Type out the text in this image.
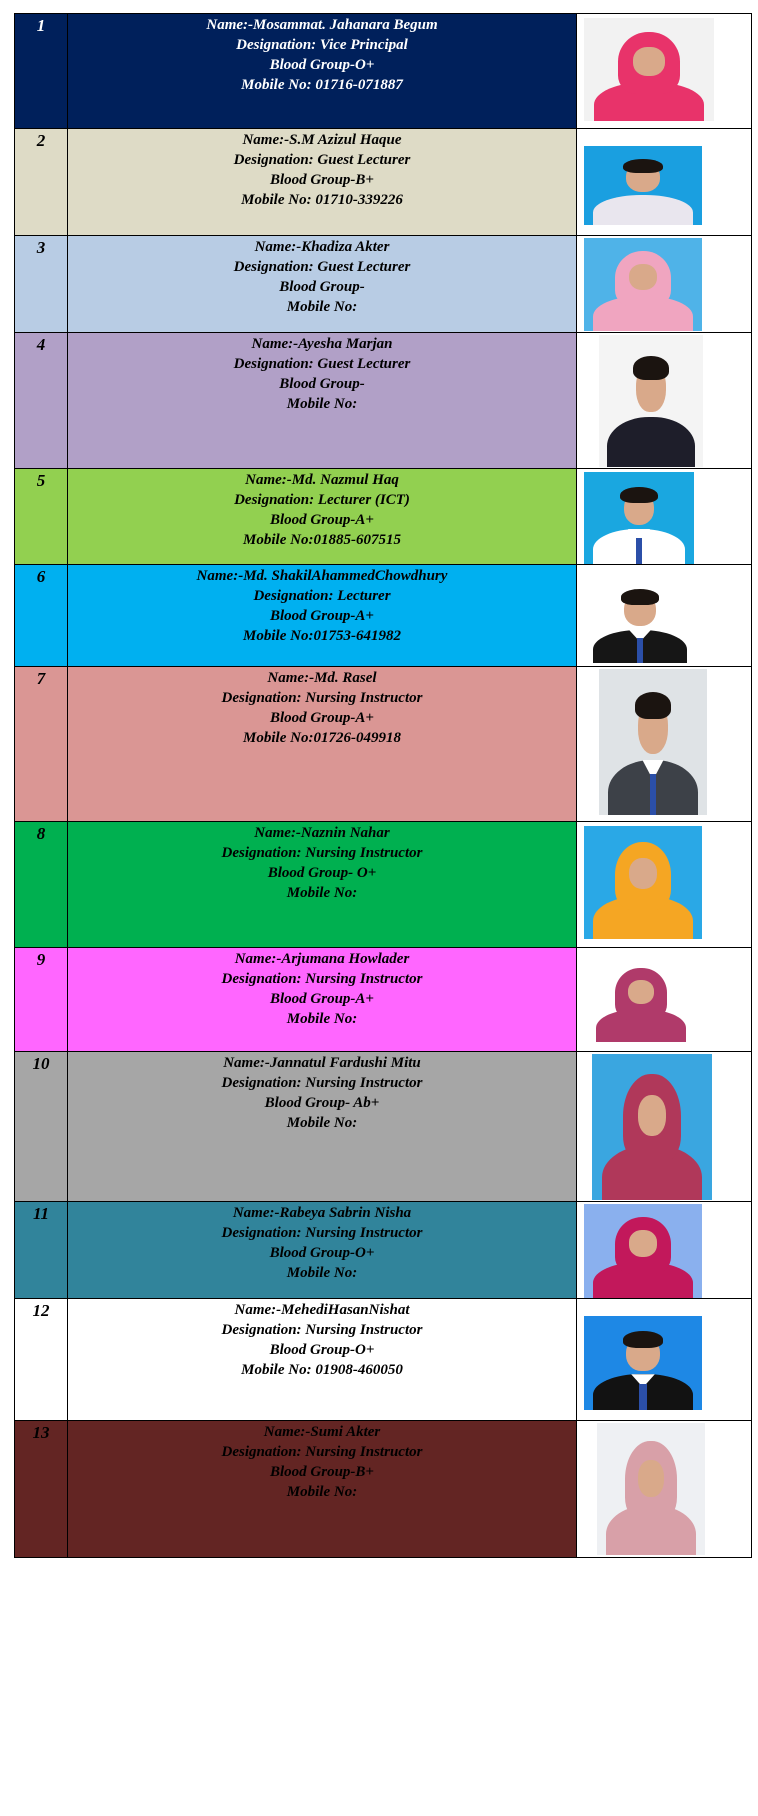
1	Name:-Mosammat. Jahanara Begum
Designation: Vice Principal
Blood Group-O+
Mobile No: 01716-071887	

2	Name:-S.M Azizul Haque
Designation: Guest Lecturer
Blood Group-B+
Mobile No: 01710-339226	

3	Name:-Khadiza Akter
Designation: Guest Lecturer
Blood Group-
Mobile No:	

4	Name:-Ayesha Marjan
Designation: Guest Lecturer
Blood Group-
Mobile No:	

5	Name:-Md. Nazmul Haq
Designation: Lecturer (ICT)
Blood Group-A+
Mobile No:01885-607515	

6	Name:-Md. ShakilAhammedChowdhury
Designation: Lecturer
Blood Group-A+
Mobile No:01753-641982	

7	Name:-Md. Rasel
Designation: Nursing Instructor
Blood Group-A+
Mobile No:01726-049918	

8	Name:-Naznin Nahar
Designation: Nursing Instructor
Blood Group- O+
Mobile No:	

9	Name:-Arjumana Howlader
Designation: Nursing Instructor
Blood Group-A+
Mobile No:	

10	Name:-Jannatul Fardushi Mitu
Designation: Nursing Instructor
Blood Group- Ab+
Mobile No:	

11	Name:-Rabeya Sabrin Nisha
Designation: Nursing Instructor
Blood Group-O+
Mobile No:	

12	Name:-MehediHasanNishat
Designation: Nursing Instructor
Blood Group-O+
Mobile No: 01908-460050	

13	Name:-Sumi Akter
Designation: Nursing Instructor
Blood Group-B+
Mobile No:	
